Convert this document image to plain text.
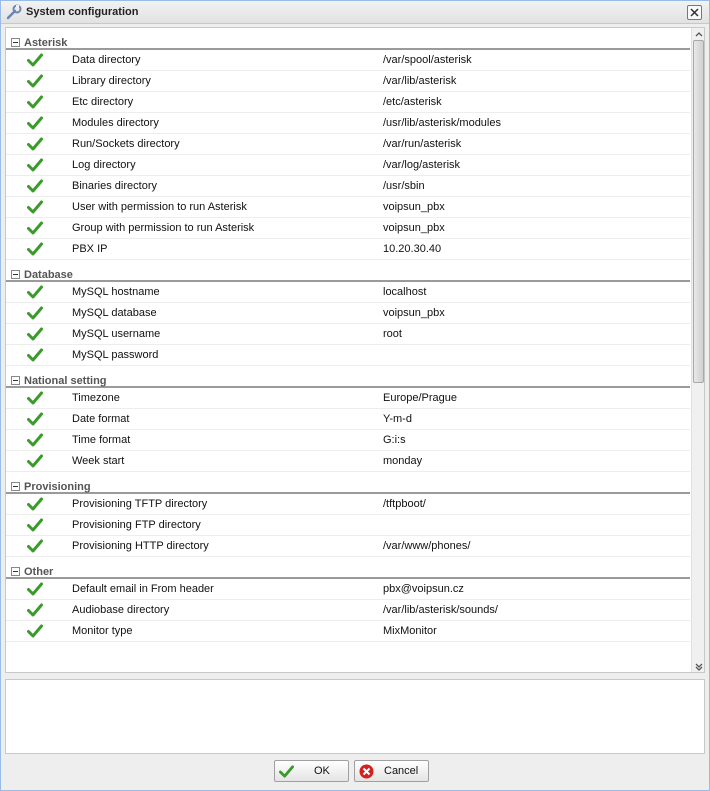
System configuration
Asterisk
Data directory	/var/spool/asterisk
Library directory	/var/lib/asterisk
Etc directory	/etc/asterisk
Modules directory	/usr/lib/asterisk/modules
Run/Sockets directory	/var/run/asterisk
Log directory	/var/log/asterisk
Binaries directory	/usr/sbin
User with permission to run Asterisk	voipsun_pbx
Group with permission to run Asterisk	voipsun_pbx
PBX IP	10.20.30.40
Database
MySQL hostname	localhost
MySQL database	voipsun_pbx
MySQL username	root
MySQL password
National setting
Timezone	Europe/Prague
Date format	Y-m-d
Time format	G:i:s
Week start	monday
Provisioning
Provisioning TFTP directory	/tftpboot/
Provisioning FTP directory
Provisioning HTTP directory	/var/www/phones/
Other
Default email in From header	pbx@voipsun.cz
Audiobase directory	/var/lib/asterisk/sounds/
Monitor type	MixMonitor
OK	Cancel
